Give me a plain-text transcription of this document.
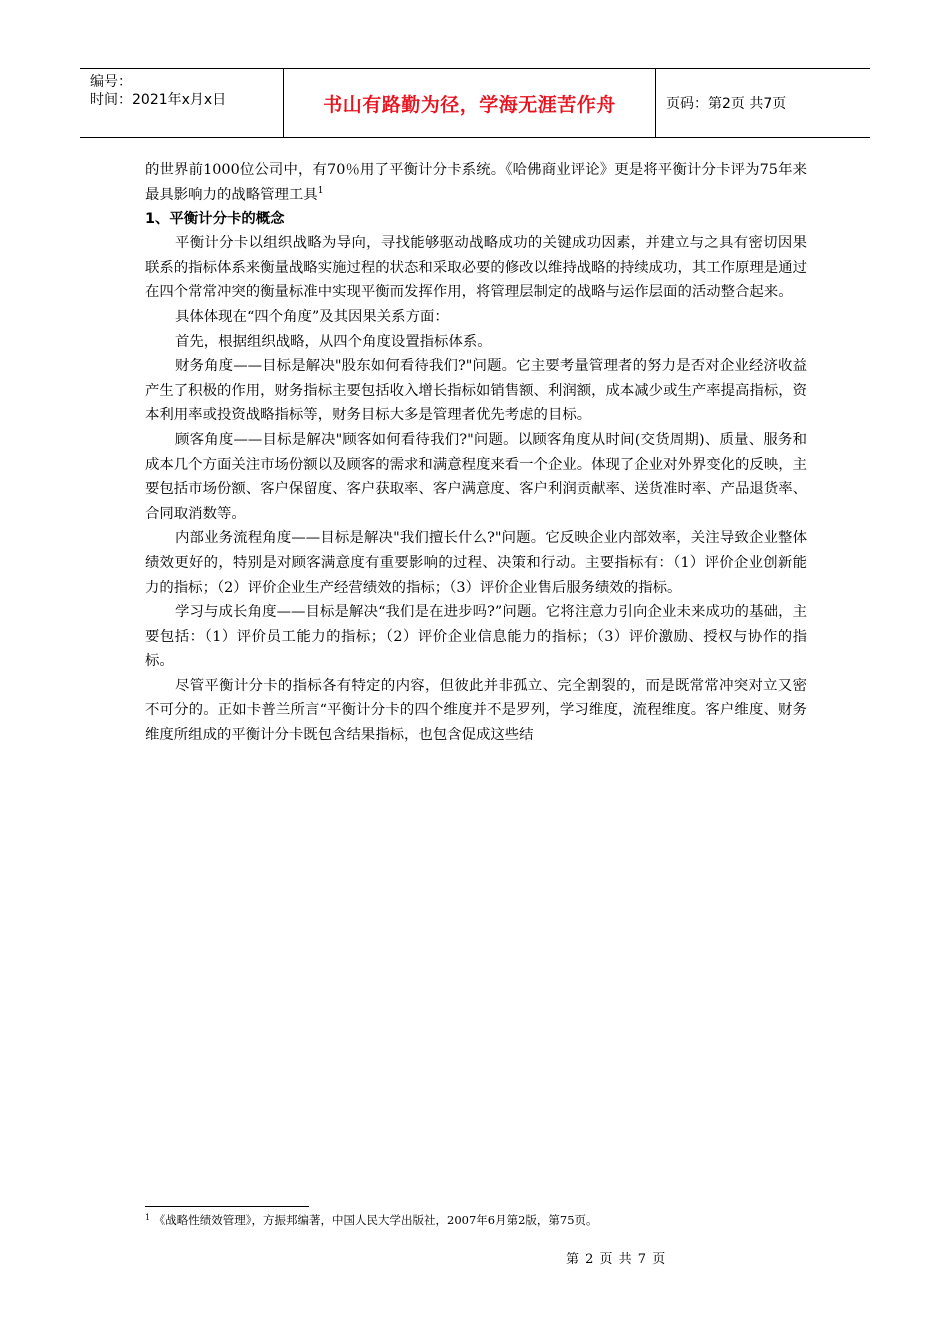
编号：
时间：2021年x月x日	书山有路勤为径，学海无涯苦作舟	页码：第2页 共7页

的世界前1000位公司中，有70％用了平衡计分卡系统。《哈佛商业评论》更是将平衡计分卡评为75年来最具影响力的战略管理工具$^1$

1、平衡计分卡的概念

平衡计分卡以组织战略为导向，寻找能够驱动战略成功的关键成功因素，并建立与之具有密切因果联系的指标体系来衡量战略实施过程的状态和采取必要的修改以维持战略的持续成功，其工作原理是通过在四个常常冲突的衡量标准中实现平衡而发挥作用，将管理层制定的战略与运作层面的活动整合起来。

具体体现在“四个角度”及其因果关系方面：

首先，根据组织战略，从四个角度设置指标体系。

财务角度——目标是解决"股东如何看待我们?"问题。它主要考量管理者的努力是否对企业经济收益产生了积极的作用，财务指标主要包括收入增长指标如销售额、利润额，成本减少或生产率提高指标，资本利用率或投资战略指标等，财务目标大多是管理者优先考虑的目标。

顾客角度——目标是解决"顾客如何看待我们?"问题。以顾客角度从时间(交货周期)、质量、服务和成本几个方面关注市场份额以及顾客的需求和满意程度来看一个企业。体现了企业对外界变化的反映，主要包括市场份额、客户保留度、客户获取率、客户满意度、客户利润贡献率、送货准时率、产品退货率、合同取消数等。

内部业务流程角度——目标是解决"我们擅长什么?"问题。它反映企业内部效率，关注导致企业整体绩效更好的，特别是对顾客满意度有重要影响的过程、决策和行动。主要指标有：（1）评价企业创新能力的指标；（2）评价企业生产经营绩效的指标；（3）评价企业售后服务绩效的指标。

学习与成长角度——目标是解决“我们是在进步吗?”问题。它将注意力引向企业未来成功的基础，主要包括：（1）评价员工能力的指标；（2）评价企业信息能力的指标；（3）评价激励、授权与协作的指标。

尽管平衡计分卡的指标各有特定的内容，但彼此并非孤立、完全割裂的，而是既常常冲突对立又密不可分的。正如卡普兰所言“平衡计分卡的四个维度并不是罗列，学习维度，流程维度。客户维度、财务维度所组成的平衡计分卡既包含结果指标，也包含促成这些结

$^1$ 《战略性绩效管理》，方振邦编著，中国人民大学出版社，2007年6月第2版，第75页。
第 2 页 共 7 页
